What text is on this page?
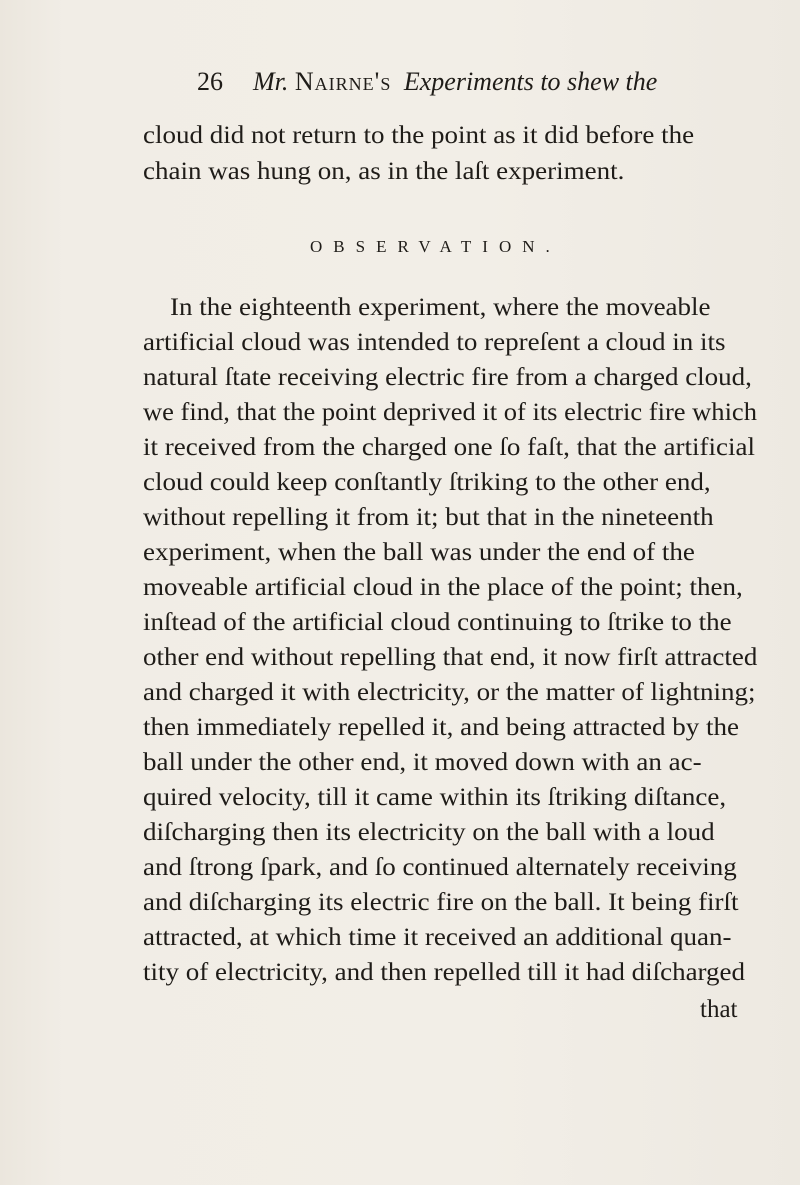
26 Mr. Nairne's Experiments to shew the
cloud did not return to the point as it did before the
chain was hung on, as in the laſt experiment.
OBSERVATION.
In the eighteenth experiment, where the moveable
artificial cloud was intended to repreſent a cloud in its
natural ſtate receiving electric fire from a charged cloud,
we find, that the point deprived it of its electric fire which
it received from the charged one ſo faſt, that the artificial
cloud could keep conſtantly ſtriking to the other end,
without repelling it from it; but that in the nineteenth
experiment, when the ball was under the end of the
moveable artificial cloud in the place of the point; then,
inſtead of the artificial cloud continuing to ſtrike to the
other end without repelling that end, it now firſt attracted
and charged it with electricity, or the matter of lightning;
then immediately repelled it, and being attracted by the
ball under the other end, it moved down with an ac-
quired velocity, till it came within its ſtriking diſtance,
diſcharging then its electricity on the ball with a loud
and ſtrong ſpark, and ſo continued alternately receiving
and diſcharging its electric fire on the ball. It being firſt
attracted, at which time it received an additional quan-
tity of electricity, and then repelled till it had diſcharged
that
